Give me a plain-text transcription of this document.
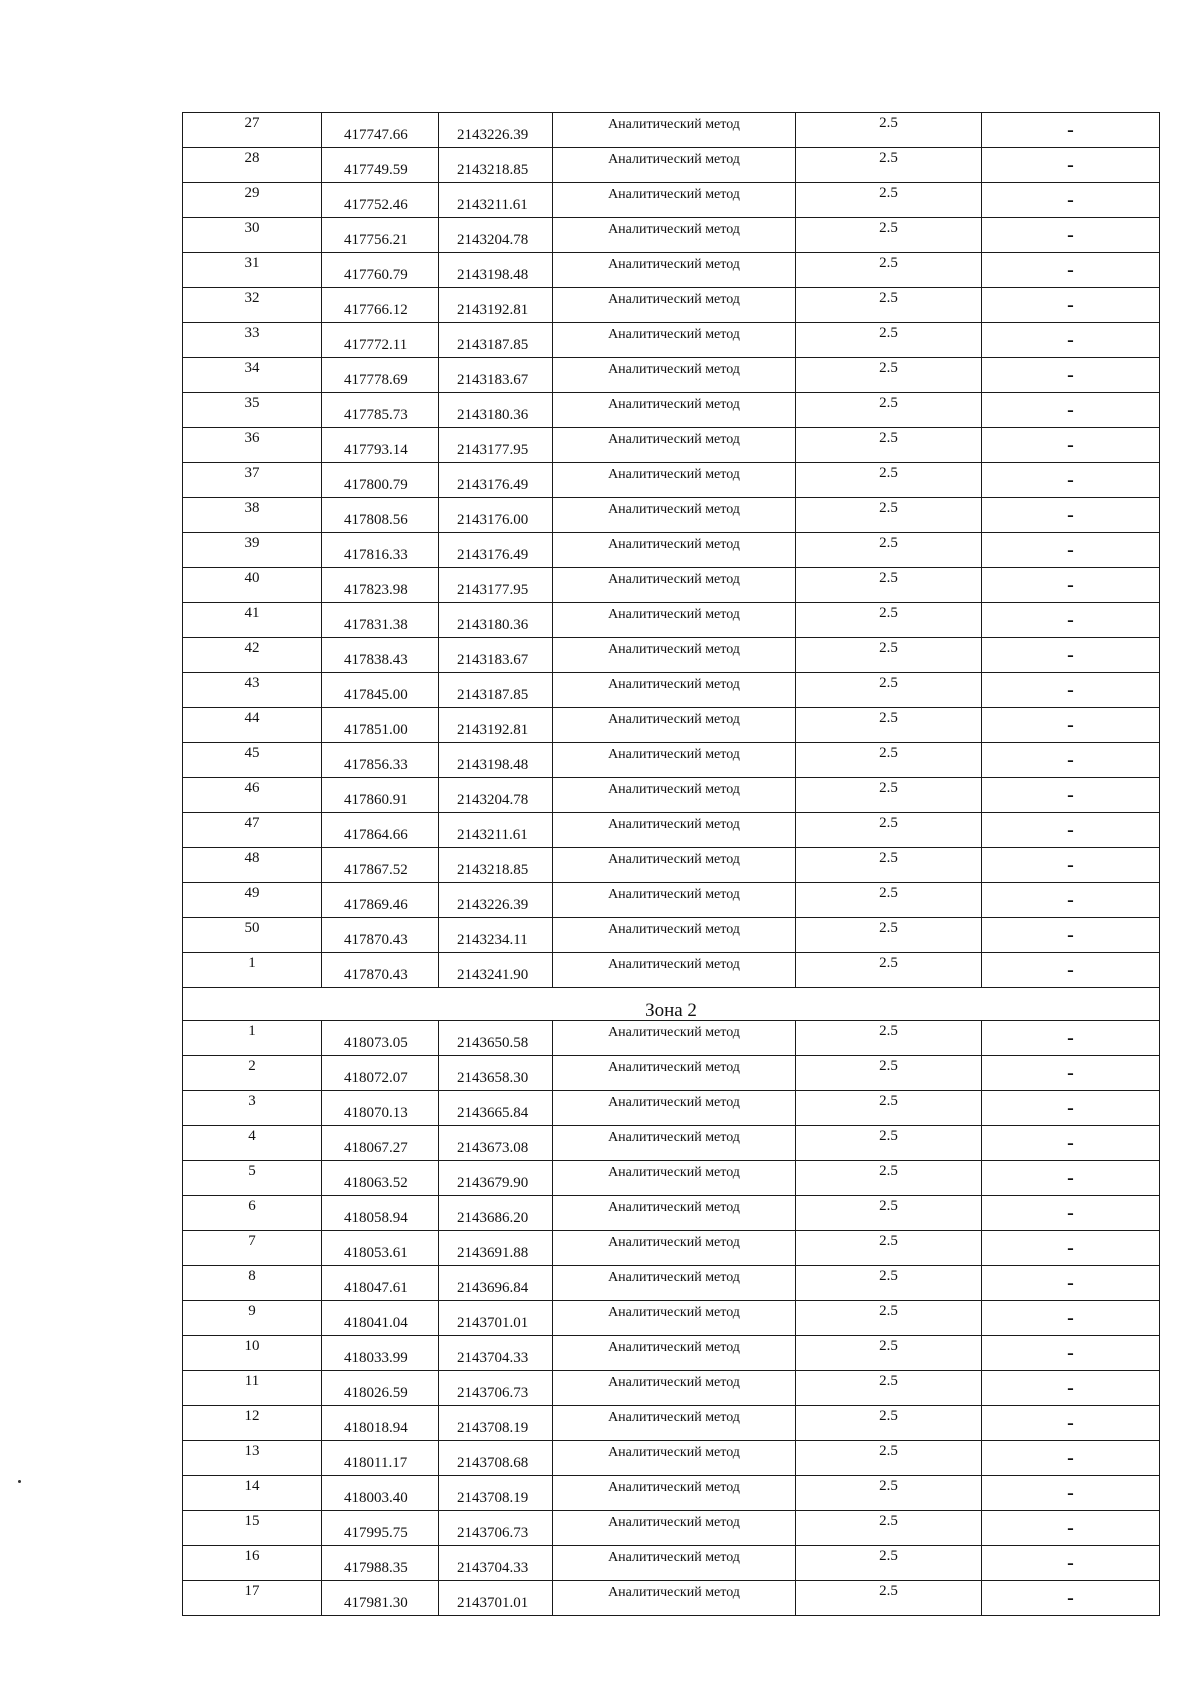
27	417747.66	2143226.39	Аналитический метод	2.5	-
28	417749.59	2143218.85	Аналитический метод	2.5	-
29	417752.46	2143211.61	Аналитический метод	2.5	-
30	417756.21	2143204.78	Аналитический метод	2.5	-
31	417760.79	2143198.48	Аналитический метод	2.5	-
32	417766.12	2143192.81	Аналитический метод	2.5	-
33	417772.11	2143187.85	Аналитический метод	2.5	-
34	417778.69	2143183.67	Аналитический метод	2.5	-
35	417785.73	2143180.36	Аналитический метод	2.5	-
36	417793.14	2143177.95	Аналитический метод	2.5	-
37	417800.79	2143176.49	Аналитический метод	2.5	-
38	417808.56	2143176.00	Аналитический метод	2.5	-
39	417816.33	2143176.49	Аналитический метод	2.5	-
40	417823.98	2143177.95	Аналитический метод	2.5	-
41	417831.38	2143180.36	Аналитический метод	2.5	-
42	417838.43	2143183.67	Аналитический метод	2.5	-
43	417845.00	2143187.85	Аналитический метод	2.5	-
44	417851.00	2143192.81	Аналитический метод	2.5	-
45	417856.33	2143198.48	Аналитический метод	2.5	-
46	417860.91	2143204.78	Аналитический метод	2.5	-
47	417864.66	2143211.61	Аналитический метод	2.5	-
48	417867.52	2143218.85	Аналитический метод	2.5	-
49	417869.46	2143226.39	Аналитический метод	2.5	-
50	417870.43	2143234.11	Аналитический метод	2.5	-
1	417870.43	2143241.90	Аналитический метод	2.5	-
Зона 2					
1	418073.05	2143650.58	Аналитический метод	2.5	-
2	418072.07	2143658.30	Аналитический метод	2.5	-
3	418070.13	2143665.84	Аналитический метод	2.5	-
4	418067.27	2143673.08	Аналитический метод	2.5	-
5	418063.52	2143679.90	Аналитический метод	2.5	-
6	418058.94	2143686.20	Аналитический метод	2.5	-
7	418053.61	2143691.88	Аналитический метод	2.5	-
8	418047.61	2143696.84	Аналитический метод	2.5	-
9	418041.04	2143701.01	Аналитический метод	2.5	-
10	418033.99	2143704.33	Аналитический метод	2.5	-
11	418026.59	2143706.73	Аналитический метод	2.5	-
12	418018.94	2143708.19	Аналитический метод	2.5	-
13	418011.17	2143708.68	Аналитический метод	2.5	-
14	418003.40	2143708.19	Аналитический метод	2.5	-
15	417995.75	2143706.73	Аналитический метод	2.5	-
16	417988.35	2143704.33	Аналитический метод	2.5	-
17	417981.30	2143701.01	Аналитический метод	2.5	-
